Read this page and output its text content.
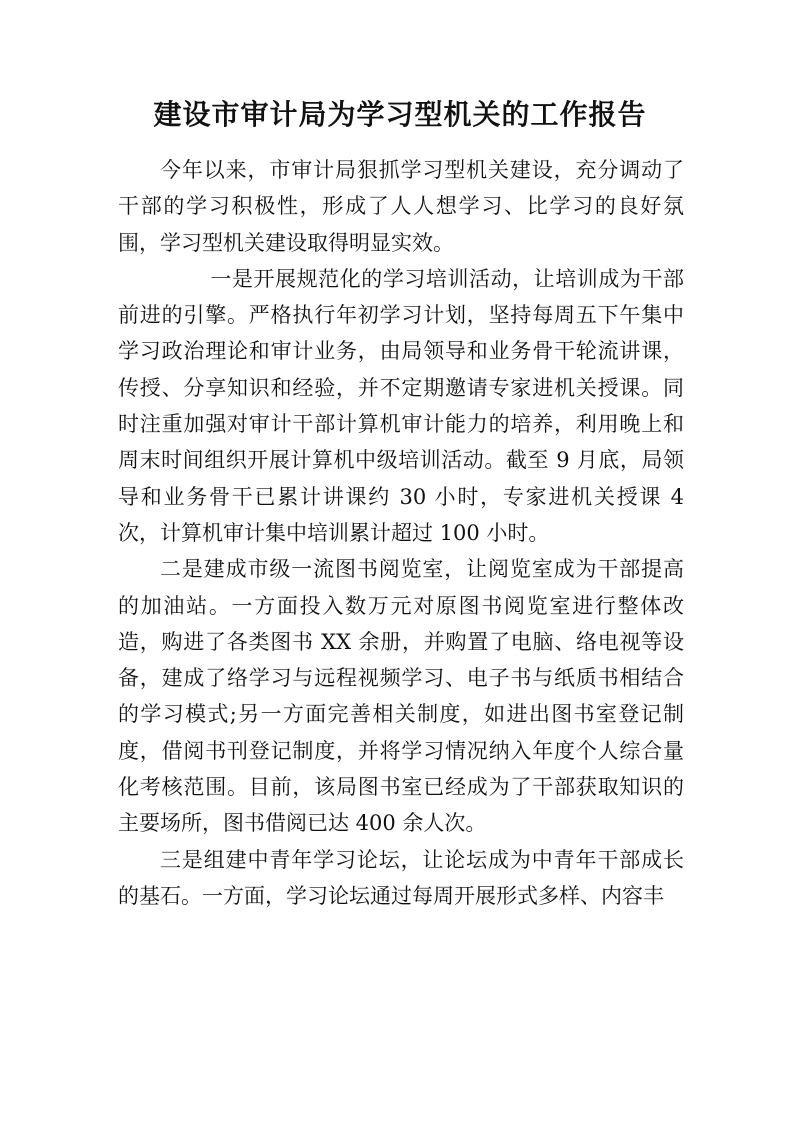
建设市审计局为学习型机关的工作报告

今年以来，市审计局狠抓学习型机关建设，充分调动了干部的学习积极性，形成了人人想学习、比学习的良好氛围，学习型机关建设取得明显实效。

一是开展规范化的学习培训活动，让培训成为干部前进的引擎。严格执行年初学习计划，坚持每周五下午集中学习政治理论和审计业务，由局领导和业务骨干轮流讲课，传授、分享知识和经验，并不定期邀请专家进机关授课。同时注重加强对审计干部计算机审计能力的培养，利用晚上和周末时间组织开展计算机中级培训活动。截至 9 月底，局领导和业务骨干已累计讲课约 30 小时，专家进机关授课 4 次，计算机审计集中培训累计超过 100 小时。

二是建成市级一流图书阅览室，让阅览室成为干部提高的加油站。一方面投入数万元对原图书阅览室进行整体改造，购进了各类图书 XX 余册，并购置了电脑、络电视等设备，建成了络学习与远程视频学习、电子书与纸质书相结合的学习模式;另一方面完善相关制度，如进出图书室登记制度，借阅书刊登记制度，并将学习情况纳入年度个人综合量化考核范围。目前，该局图书室已经成为了干部获取知识的主要场所，图书借阅已达 400 余人次。

三是组建中青年学习论坛，让论坛成为中青年干部成长的基石。一方面，学习论坛通过每周开展形式多样、内容丰
